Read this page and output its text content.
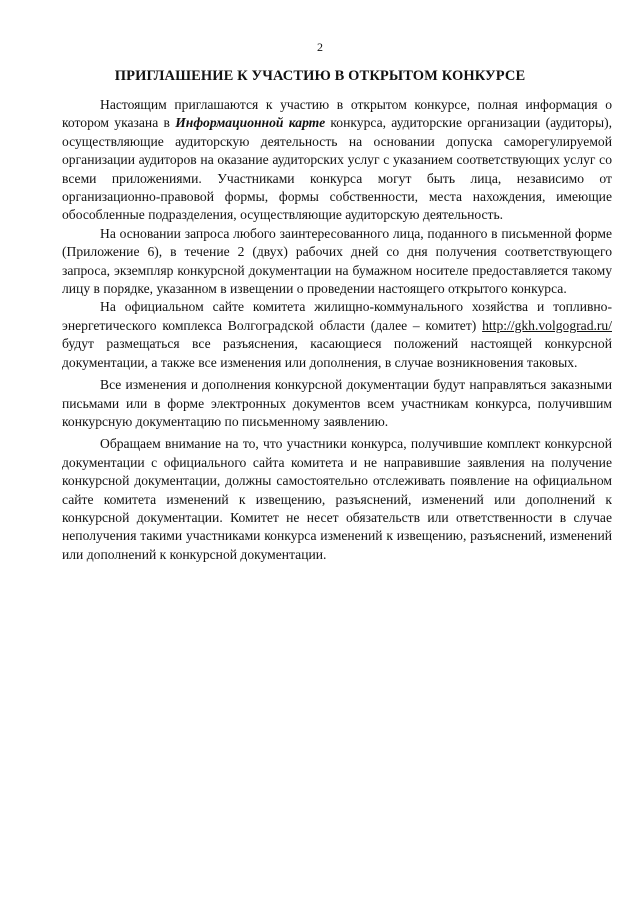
2
ПРИГЛАШЕНИЕ К УЧАСТИЮ В ОТКРЫТОМ КОНКУРСЕ

Настоящим приглашаются к участию в открытом конкурсе, полная информация о котором указана в Информационной карте конкурса, аудиторские организации (аудиторы), осуществляющие аудиторскую деятельность на основании допуска саморегулируемой организации аудиторов на оказание аудиторских услуг с указанием соответствующих услуг со всеми приложениями. Участниками конкурса могут быть лица, независимо от организационно-правовой формы, формы собственности, места нахождения, имеющие обособленные подразделения, осуществляющие аудиторскую деятельность.

На основании запроса любого заинтересованного лица, поданного в письменной форме (Приложение 6), в течение 2 (двух) рабочих дней со дня получения соответствующего запроса, экземпляр конкурсной документации на бумажном носителе предоставляется такому лицу в порядке, указанном в извещении о проведении настоящего открытого конкурса.

На официальном сайте комитета жилищно-коммунального хозяйства и топливно-энергетического комплекса Волгоградской области (далее – комитет) http://gkh.volgograd.ru/ будут размещаться все разъяснения, касающиеся положений настоящей конкурсной документации, а также все изменения или дополнения, в случае возникновения таковых.

Все изменения и дополнения конкурсной документации будут направляться заказными письмами или в форме электронных документов всем участникам конкурса, получившим конкурсную документацию по письменному заявлению.

Обращаем внимание на то, что участники конкурса, получившие комплект конкурсной документации с официального сайта комитета и не направившие заявления на получение конкурсной документации, должны самостоятельно отслеживать появление на официальном сайте комитета изменений к извещению, разъяснений, изменений или дополнений к конкурсной документации. Комитет не несет обязательств или ответственности в случае неполучения такими участниками конкурса изменений к извещению, разъяснений, изменений или дополнений к конкурсной документации.
